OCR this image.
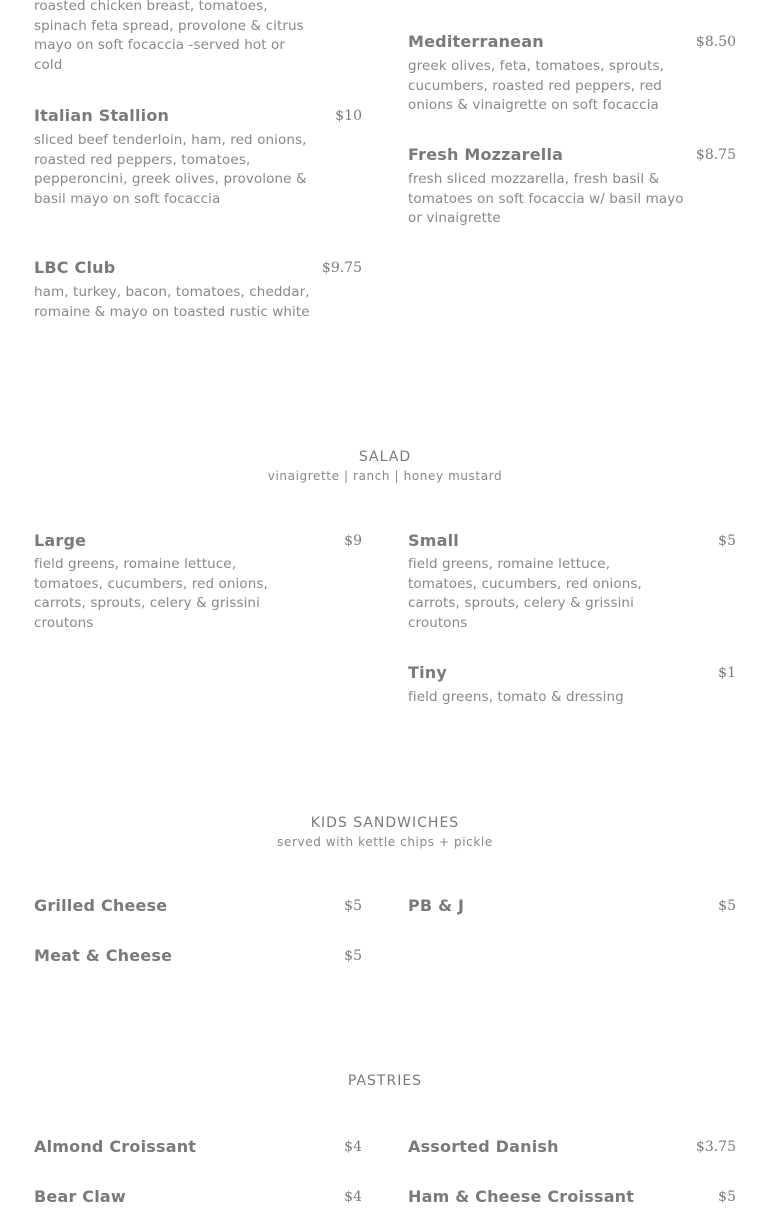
roasted chicken breast, tomatoes, spinach feta spread, provolone & citrus mayo on soft focaccia -served hot or cold
Italian Stallion	$10
sliced beef tenderloin, ham, red onions, roasted red peppers, tomatoes, pepperoncini, greek olives, provolone & basil mayo on soft focaccia
LBC Club	$9.75
ham, turkey, bacon, tomatoes, cheddar, romaine & mayo on toasted rustic white
Mediterranean	$8.50
greek olives, feta, tomatoes, sprouts, cucumbers, roasted red peppers, red onions & vinaigrette on soft focaccia
Fresh Mozzarella	$8.75
fresh sliced mozzarella, fresh basil & tomatoes on soft focaccia w/ basil mayo or vinaigrette
SALAD
vinaigrette | ranch | honey mustard
Large	$9
field greens, romaine lettuce, tomatoes, cucumbers, red onions, carrots, sprouts, celery & grissini croutons
Small	$5
field greens, romaine lettuce, tomatoes, cucumbers, red onions, carrots, sprouts, celery & grissini croutons
Tiny	$1
field greens, tomato & dressing
KIDS SANDWICHES
served with kettle chips + pickle
Grilled Cheese	$5
Meat & Cheese	$5
PB & J	$5
PASTRIES
Almond Croissant	$4
Bear Claw	$4
Assorted Danish	$3.75
Ham & Cheese Croissant	$5
